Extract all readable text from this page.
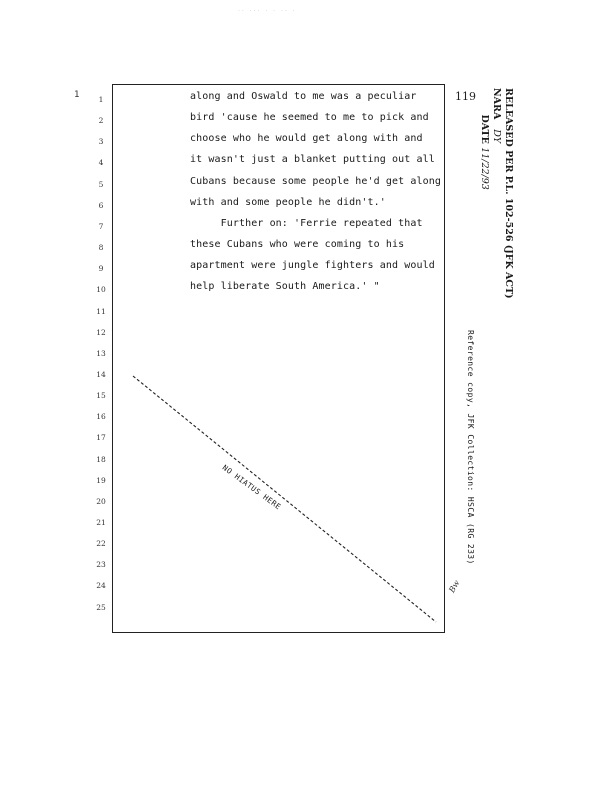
·· ··· · · ·· ·
1	119
1
2
3
4
5
6
7
8
9
10
11
12
13
14
15
16
17
18
19
20
21
22
23
24
25
along and Oswald to me was a peculiar
bird 'cause he seemed to me to pick and
choose who he would get along with and
it wasn't just a blanket putting out all
Cubans because some people he'd get along
with and some people he didn't.'
Further on: 'Ferrie repeated that
these Cubans who were coming to his
apartment were jungle fighters and would
help liberate South America.' "
NO HIATUS HERE
RELEASED PER P.L. 102-526 (JFK ACT)
NARA   DY
DATE 11/22/93
Reference copy, JFK Collection: HSCA (RG 233)
Bw
